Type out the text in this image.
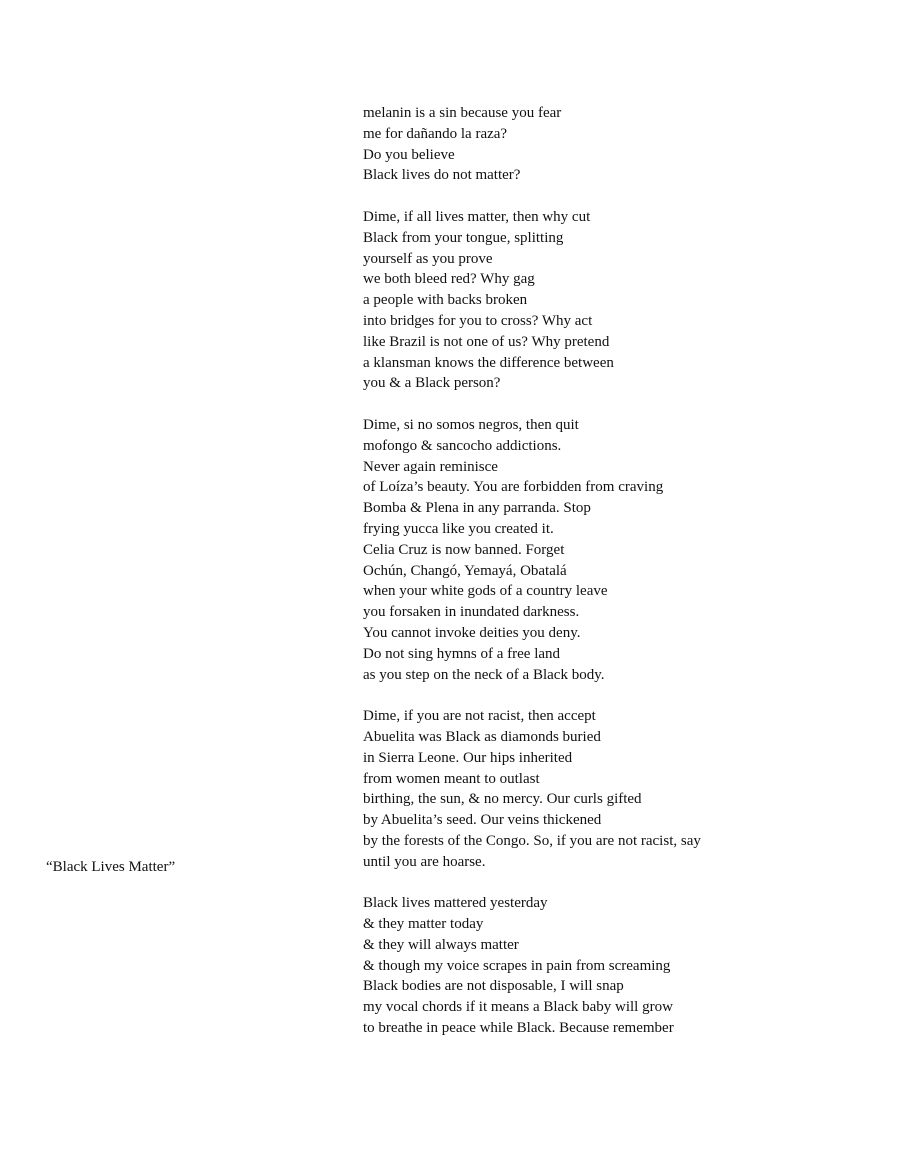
“Black Lives Matter”
melanin is a sin because you fear
me for dañando la raza?
Do you believe
Black lives do not matter?
Dime, if all lives matter, then why cut
Black from your tongue, splitting
yourself as you prove
we both bleed red? Why gag
a people with backs broken
into bridges for you to cross? Why act
like Brazil is not one of us? Why pretend
a klansman knows the difference between
you & a Black person?
Dime, si no somos negros, then quit
mofongo & sancocho addictions.
Never again reminisce
of Loíza’s beauty. You are forbidden from craving
Bomba & Plena in any parranda. Stop
frying yucca like you created it.
Celia Cruz is now banned. Forget
Ochún, Changó, Yemayá, Obatalá
when your white gods of a country leave
you forsaken in inundated darkness.
You cannot invoke deities you deny.
Do not sing hymns of a free land
as you step on the neck of a Black body.
Dime, if you are not racist, then accept
Abuelita was Black as diamonds buried
in Sierra Leone. Our hips inherited
from women meant to outlast
birthing, the sun, & no mercy. Our curls gifted
by Abuelita’s seed. Our veins thickened
by the forests of the Congo. So, if you are not racist, say
until you are hoarse.
Black lives mattered yesterday
& they matter today
& they will always matter
& though my voice scrapes in pain from screaming
Black bodies are not disposable, I will snap
my vocal chords if it means a Black baby will grow
to breathe in peace while Black. Because remember
